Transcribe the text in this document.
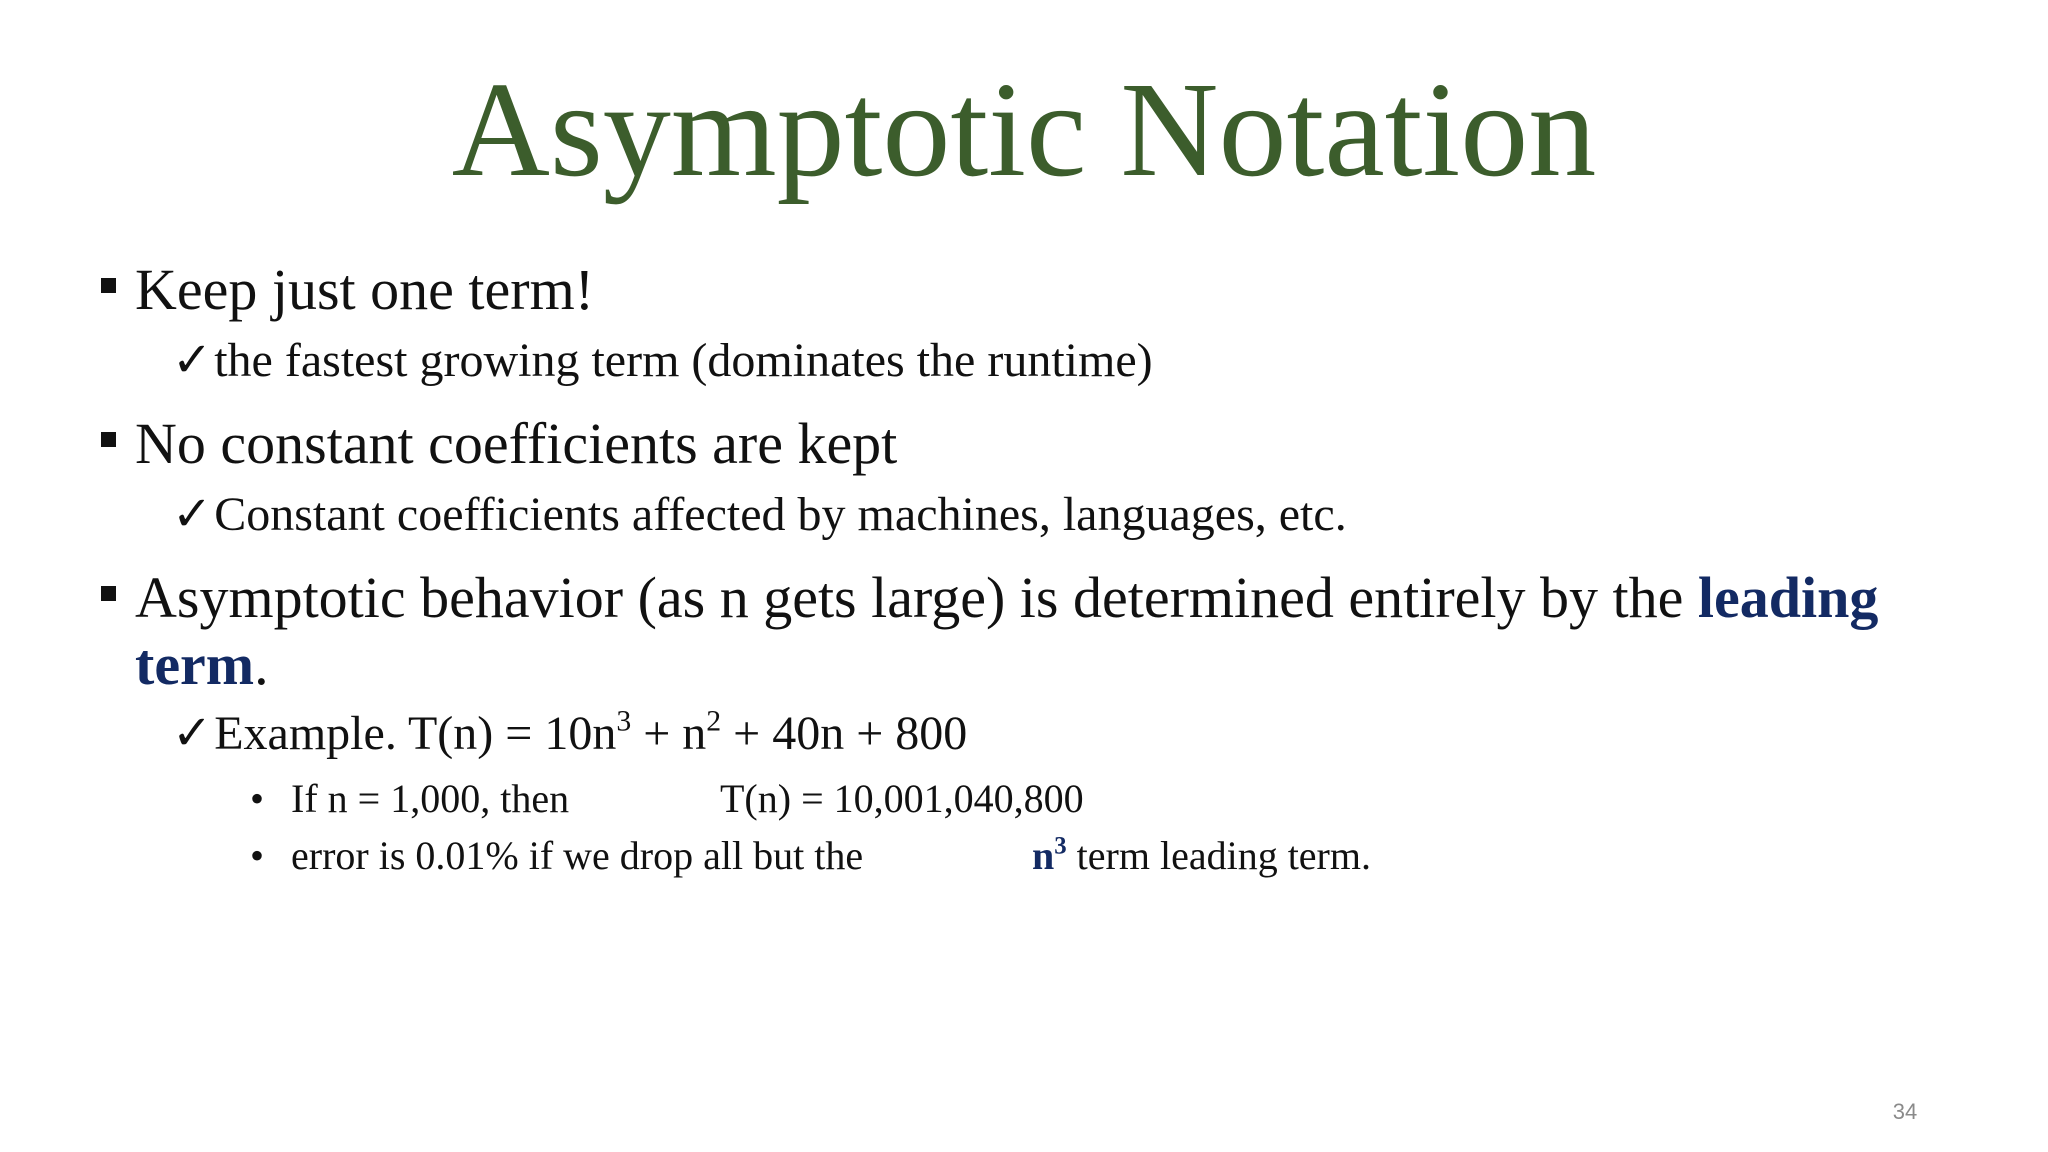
Asymptotic Notation
Keep just one term!
✓the fastest growing term (dominates the runtime)
No constant coefficients are kept
✓Constant coefficients affected by machines, languages, etc.
Asymptotic behavior (as n gets large) is determined entirely by the leading
term.
✓Example. $T(n) = 10n^3 + n^2 + 40n + 800$
• If n = 1,000, then	T(n) = 10,001,040,800
• error is 0.01% if we drop all but the	$n^3$ term leading term.
34
